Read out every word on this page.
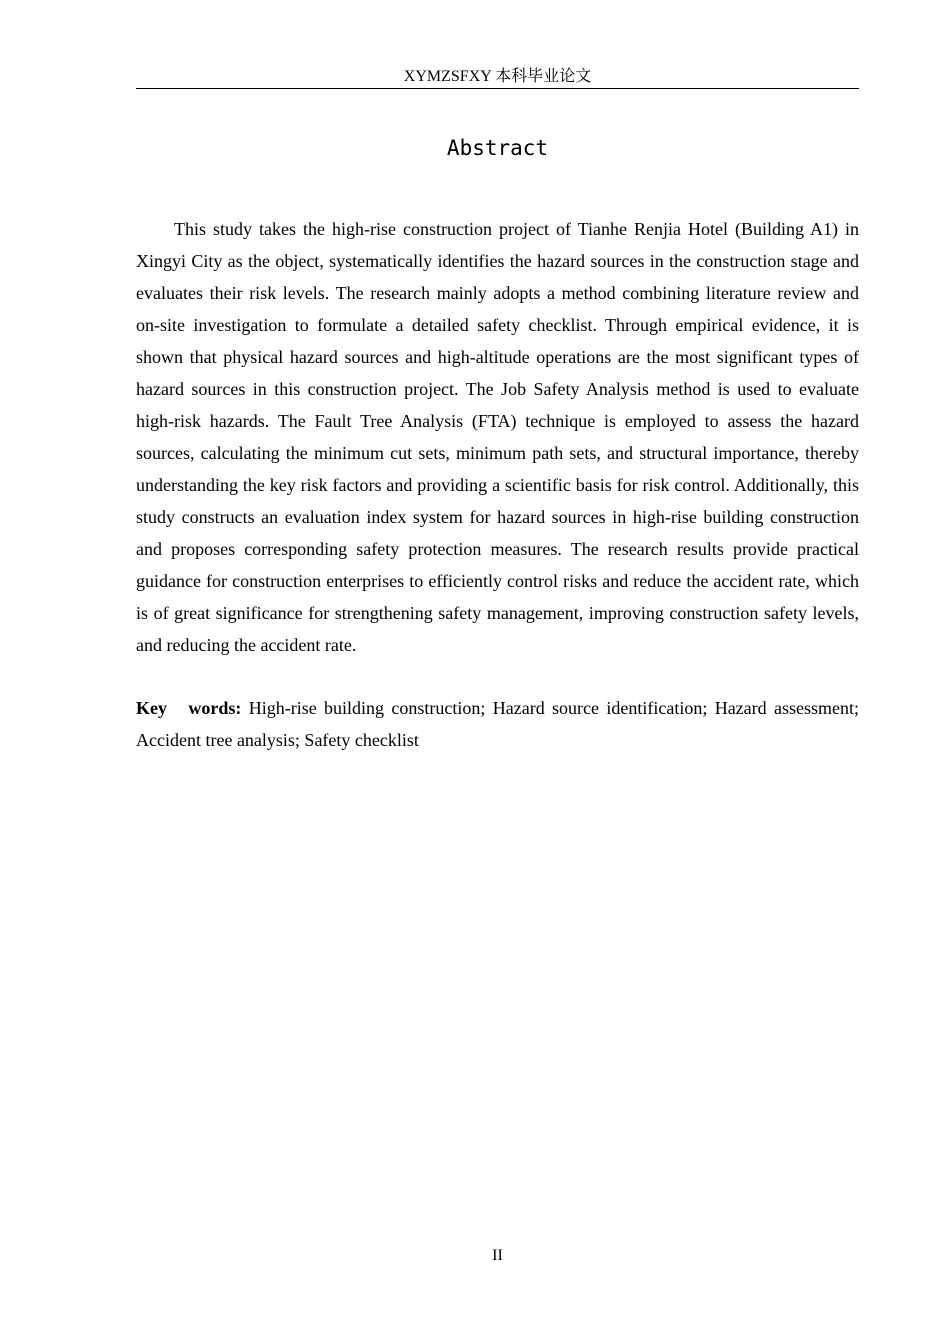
XYMZSFXY 本科毕业论文
Abstract

This study takes the high-rise construction project of Tianhe Renjia Hotel (Building A1) in Xingyi City as the object, systematically identifies the hazard sources in the construction stage and evaluates their risk levels. The research mainly adopts a method combining literature review and on-site investigation to formulate a detailed safety checklist. Through empirical evidence, it is shown that physical hazard sources and high-altitude operations are the most significant types of hazard sources in this construction project. The Job Safety Analysis method is used to evaluate high-risk hazards. The Fault Tree Analysis (FTA) technique is employed to assess the hazard sources, calculating the minimum cut sets, minimum path sets, and structural importance, thereby understanding the key risk factors and providing a scientific basis for risk control. Additionally, this study constructs an evaluation index system for hazard sources in high-rise building construction and proposes corresponding safety protection measures. The research results provide practical guidance for construction enterprises to efficiently control risks and reduce the accident rate, which is of great significance for strengthening safety management, improving construction safety levels, and reducing the accident rate.

Key words: High-rise building construction; Hazard source identification; Hazard assessment; Accident tree analysis; Safety checklist

II
